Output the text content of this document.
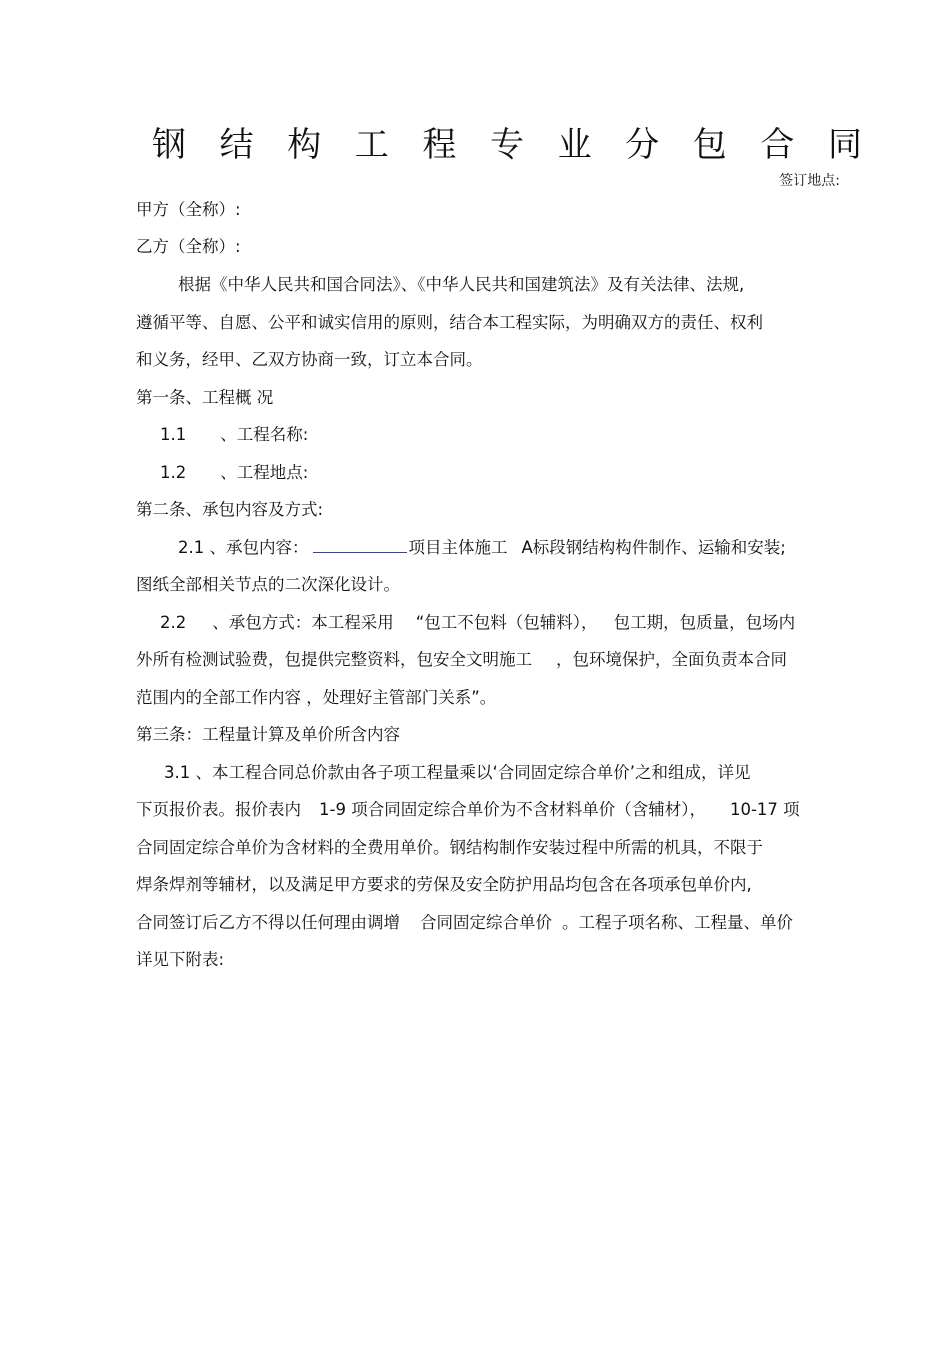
钢 结 构 工 程 专 业 分 包 合 同
签订地点:
甲方（全称）:
乙方（全称）:
根据《中华人民共和国合同法》、《中华人民共和国建筑法》及有关法律、法规,
遵循平等、自愿、公平和诚实信用的原则，结合本工程实际，为明确双方的责任、权利
和义务，经甲、乙双方协商一致，订立本合同。
第一条、工程概 况
1.1 、工程名称:
1.2 、工程地点:
第二条、承包内容及方式:
2.1 、承包内容：	项目主体施工 A标段钢结构构件制作、运输和安装;
图纸全部相关节点的二次深化设计。
2.2 、承包方式：本工程采用 “包工不包料（包辅料）， 包工期，包质量，包场内
外所有检测试验费，包提供完整资料，包安全文明施工 ，包环境保护，全面负责本合同
范围内的全部工作内容 ，处理好主管部门关系”。
第三条：工程量计算及单价所含内容
3.1 、本工程合同总价款由各子项工程量乘以‘合同固定综合单价’之和组成，详见
下页报价表。报价表内 1-9 项合同固定综合单价为不含材料单价（含辅材）， 10-17 项
合同固定综合单价为含材料的全费用单价。钢结构制作安装过程中所需的机具，不限于
焊条焊剂等辅材，以及满足甲方要求的劳保及安全防护用品均包含在各项承包单价内,
合同签订后乙方不得以任何理由调增 合同固定综合单价 。工程子项名称、工程量、单价
详见下附表:
